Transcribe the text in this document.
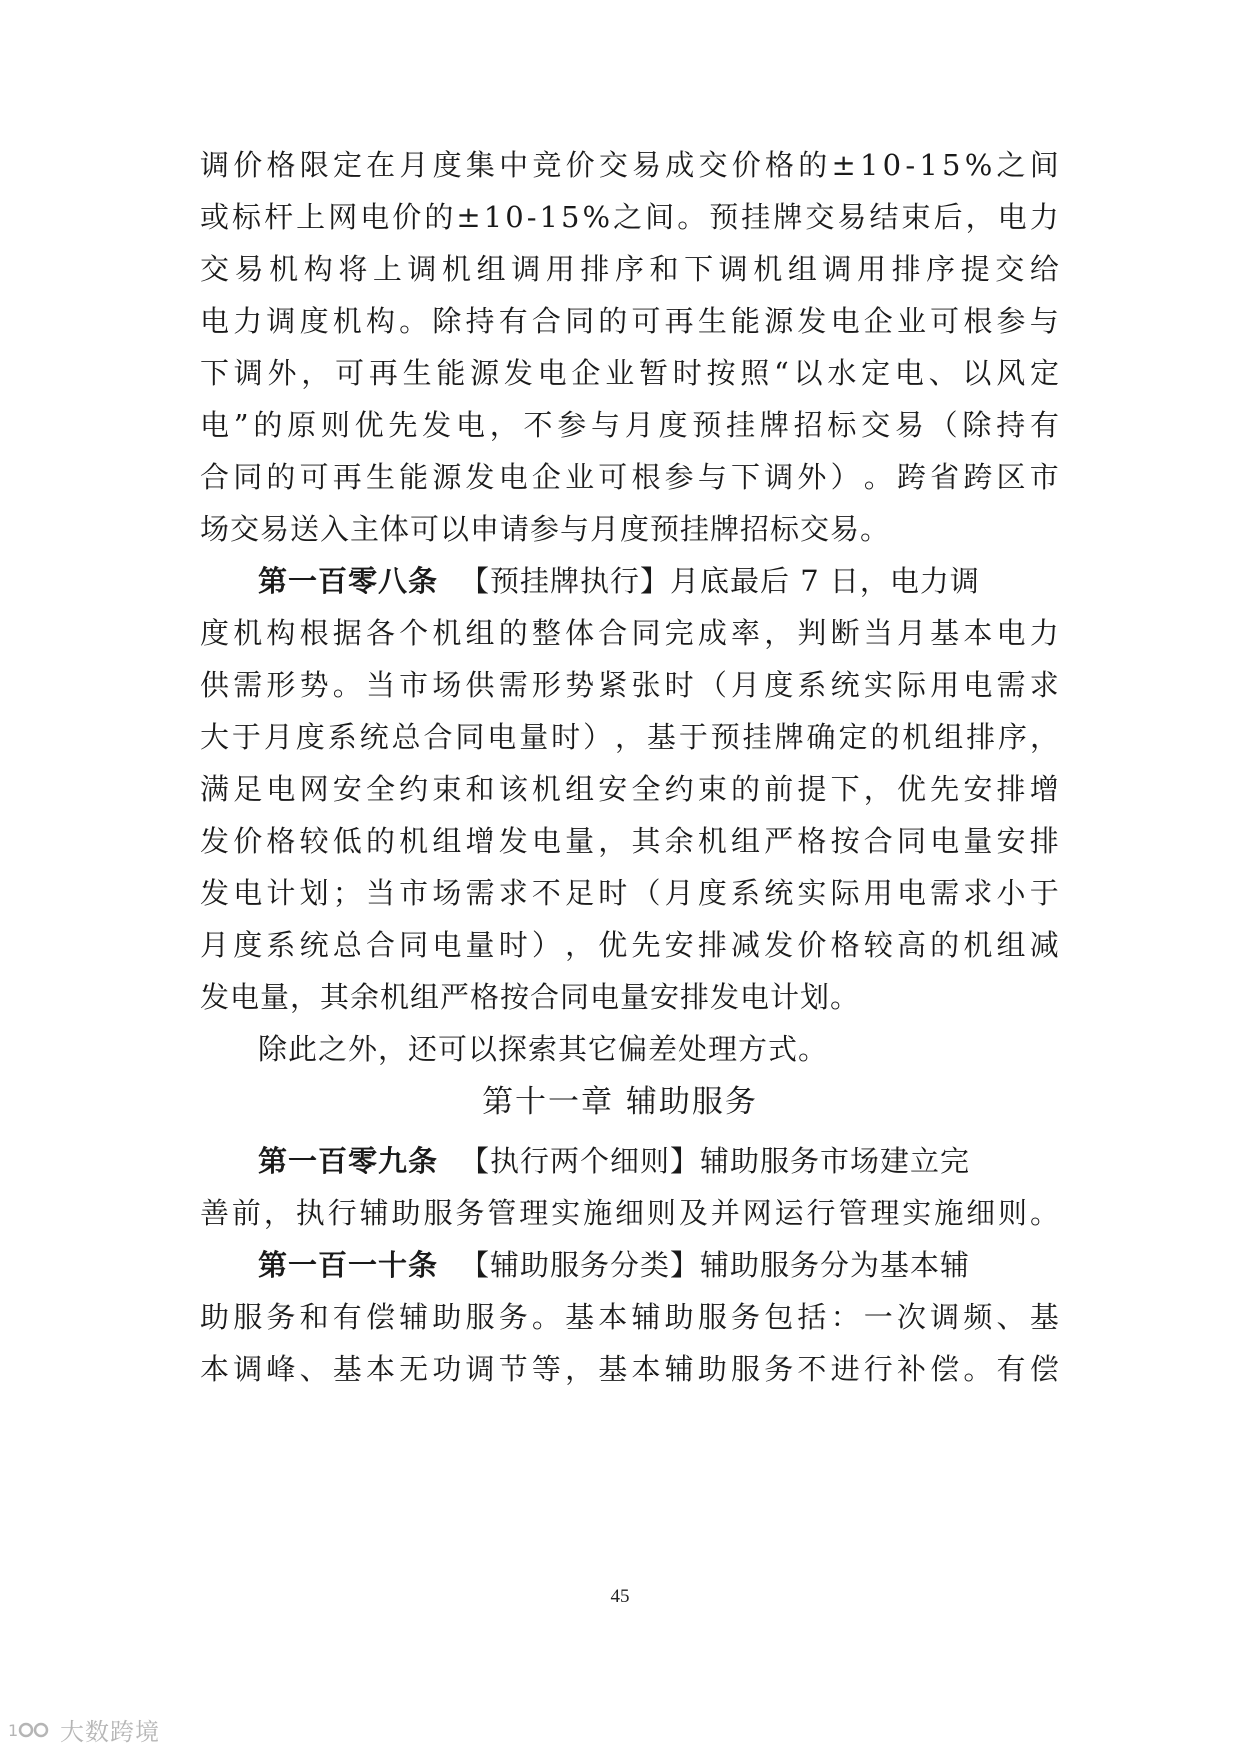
调 价 格 限 定 在 月 度 集 中 竞 价 交 易 成 交 价 格 的 ± 1 0 - 1 5 % 之 间
或 标 杆 上 网 电 价 的 ± 1 0 - 1 5 % 之 间 。 预 挂 牌 交 易 结 束 后 ， 电 力
交 易 机 构 将 上 调 机 组 调 用 排 序 和 下 调 机 组 调 用 排 序 提 交 给
电 力 调 度 机 构 。 除 持 有 合 同 的 可 再 生 能 源 发 电 企 业 可 根 参 与
下 调 外 ， 可 再 生 能 源 发 电 企 业 暂 时 按 照 “ 以 水 定 电 、 以 风 定
电 ” 的 原 则 优 先 发 电 ， 不 参 与 月 度 预 挂 牌 招 标 交 易 （ 除 持 有
合 同 的 可 再 生 能 源 发 电 企 业 可 根 参 与 下 调 外 ） 。 跨 省 跨 区 市
场交易送入主体可以申请参与月度预挂牌招标交易。
第一百零八条 【预挂牌执行】 月底最后 7 日，电力调
度 机 构 根 据 各 个 机 组 的 整 体 合 同 完 成 率 ， 判 断 当 月 基 本 电 力
供 需 形 势 。 当 市 场 供 需 形 势 紧 张 时 （ 月 度 系 统 实 际 用 电 需 求
大 于 月 度 系 统 总 合 同 电 量 时 ） ， 基 于 预 挂 牌 确 定 的 机 组 排 序 ，
满 足 电 网 安 全 约 束 和 该 机 组 安 全 约 束 的 前 提 下 ， 优 先 安 排 增
发 价 格 较 低 的 机 组 增 发 电 量 ， 其 余 机 组 严 格 按 合 同 电 量 安 排
发 电 计 划 ； 当 市 场 需 求 不 足 时 （ 月 度 系 统 实 际 用 电 需 求 小 于
月 度 系 统 总 合 同 电 量 时 ） ， 优 先 安 排 减 发 价 格 较 高 的 机 组 减
发电量，其余机组严格按合同电量安排发电计划。
除此之外，还可以探索其它偏差处理方式。
第十一章 辅助服务
第一百零九条 【执行两个细则】 辅助服务市场建立完
善 前 ， 执 行 辅 助 服 务 管 理 实 施 细 则 及 并 网 运 行 管 理 实 施 细 则 。
第一百一十条 【辅助服务分类】 辅助服务分为基本辅
助 服 务 和 有 偿 辅 助 服 务 。 基 本 辅 助 服 务 包 括 ： 一 次 调 频 、 基
本 调 峰 、 基 本 无 功 调 节 等 ， 基 本 辅 助 服 务 不 进 行 补 偿 。 有 偿
45
1 大数跨境
